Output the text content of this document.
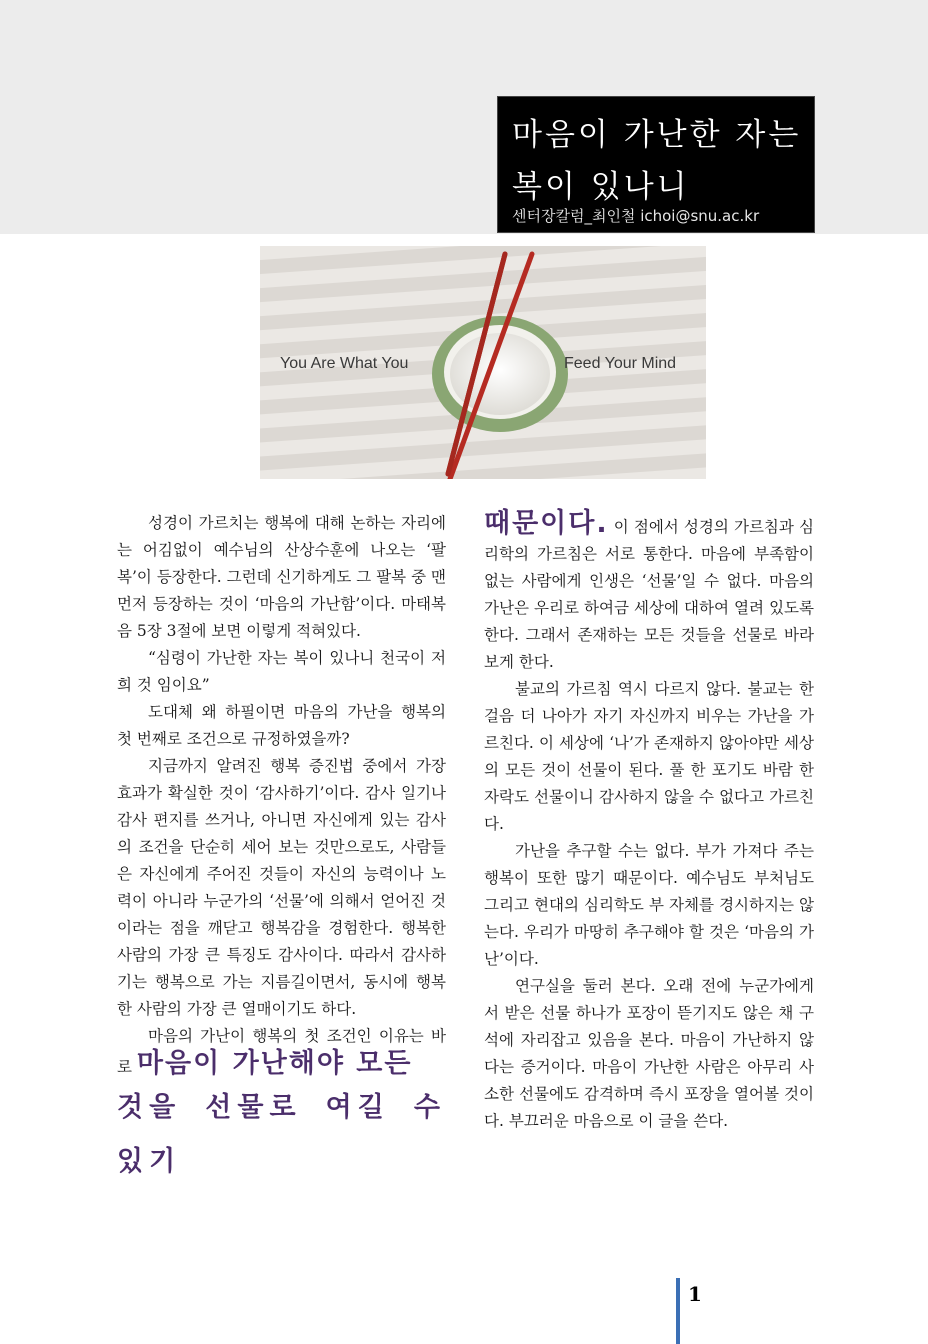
마음이 가난한 자는
복이 있나니
센터장칼럼_최인철 ichoi@snu.ac.kr
You Are What You	Feed Your Mind

성경이 가르치는 행복에 대해 논하는 자리에는 어김없이 예수님의 산상수훈에 나오는 ‘팔복’이 등장한다. 그런데 신기하게도 그 팔복 중 맨 먼저 등장하는 것이 ‘마음의 가난함’이다. 마태복음 5장 3절에 보면 이렇게 적혀있다.

“심령이 가난한 자는 복이 있나니 천국이 저희 것 임이요”

도대체 왜 하필이면 마음의 가난을 행복의 첫 번째로 조건으로 규정하였을까?

지금까지 알려진 행복 증진법 중에서 가장 효과가 확실한 것이 ‘감사하기’이다. 감사 일기나 감사 편지를 쓰거나, 아니면 자신에게 있는 감사의 조건을 단순히 세어 보는 것만으로도, 사람들은 자신에게 주어진 것들이 자신의 능력이나 노력이 아니라 누군가의 ‘선물’에 의해서 얻어진 것이라는 점을 깨닫고 행복감을 경험한다. 행복한 사람의 가장 큰 특징도 감사이다. 따라서 감사하기는 행복으로 가는 지름길이면서, 동시에 행복한 사람의 가장 큰 열매이기도 하다.

마음의 가난이 행복의 첫 조건인 이유는 바로 마음이 가난해야 모든

것을 선물로 여길 수 있기

때문이다. 이 점에서 성경의 가르침과 심리학의 가르침은 서로 통한다. 마음에 부족함이 없는 사람에게 인생은 ‘선물’일 수 없다. 마음의 가난은 우리로 하여금 세상에 대하여 열려 있도록 한다. 그래서 존재하는 모든 것들을 선물로 바라보게 한다.

불교의 가르침 역시 다르지 않다. 불교는 한 걸음 더 나아가 자기 자신까지 비우는 가난을 가르친다. 이 세상에 ‘나’가 존재하지 않아야만 세상의 모든 것이 선물이 된다. 풀 한 포기도 바람 한 자락도 선물이니 감사하지 않을 수 없다고 가르친다.

가난을 추구할 수는 없다. 부가 가져다 주는 행복이 또한 많기 때문이다. 예수님도 부처님도 그리고 현대의 심리학도 부 자체를 경시하지는 않는다. 우리가 마땅히 추구해야 할 것은 ‘마음의 가난’이다.

연구실을 둘러 본다. 오래 전에 누군가에게서 받은 선물 하나가 포장이 뜯기지도 않은 채 구석에 자리잡고 있음을 본다. 마음이 가난하지 않다는 증거이다. 마음이 가난한 사람은 아무리 사소한 선물에도 감격하며 즉시 포장을 열어볼 것이다. 부끄러운 마음으로 이 글을 쓴다.

1
